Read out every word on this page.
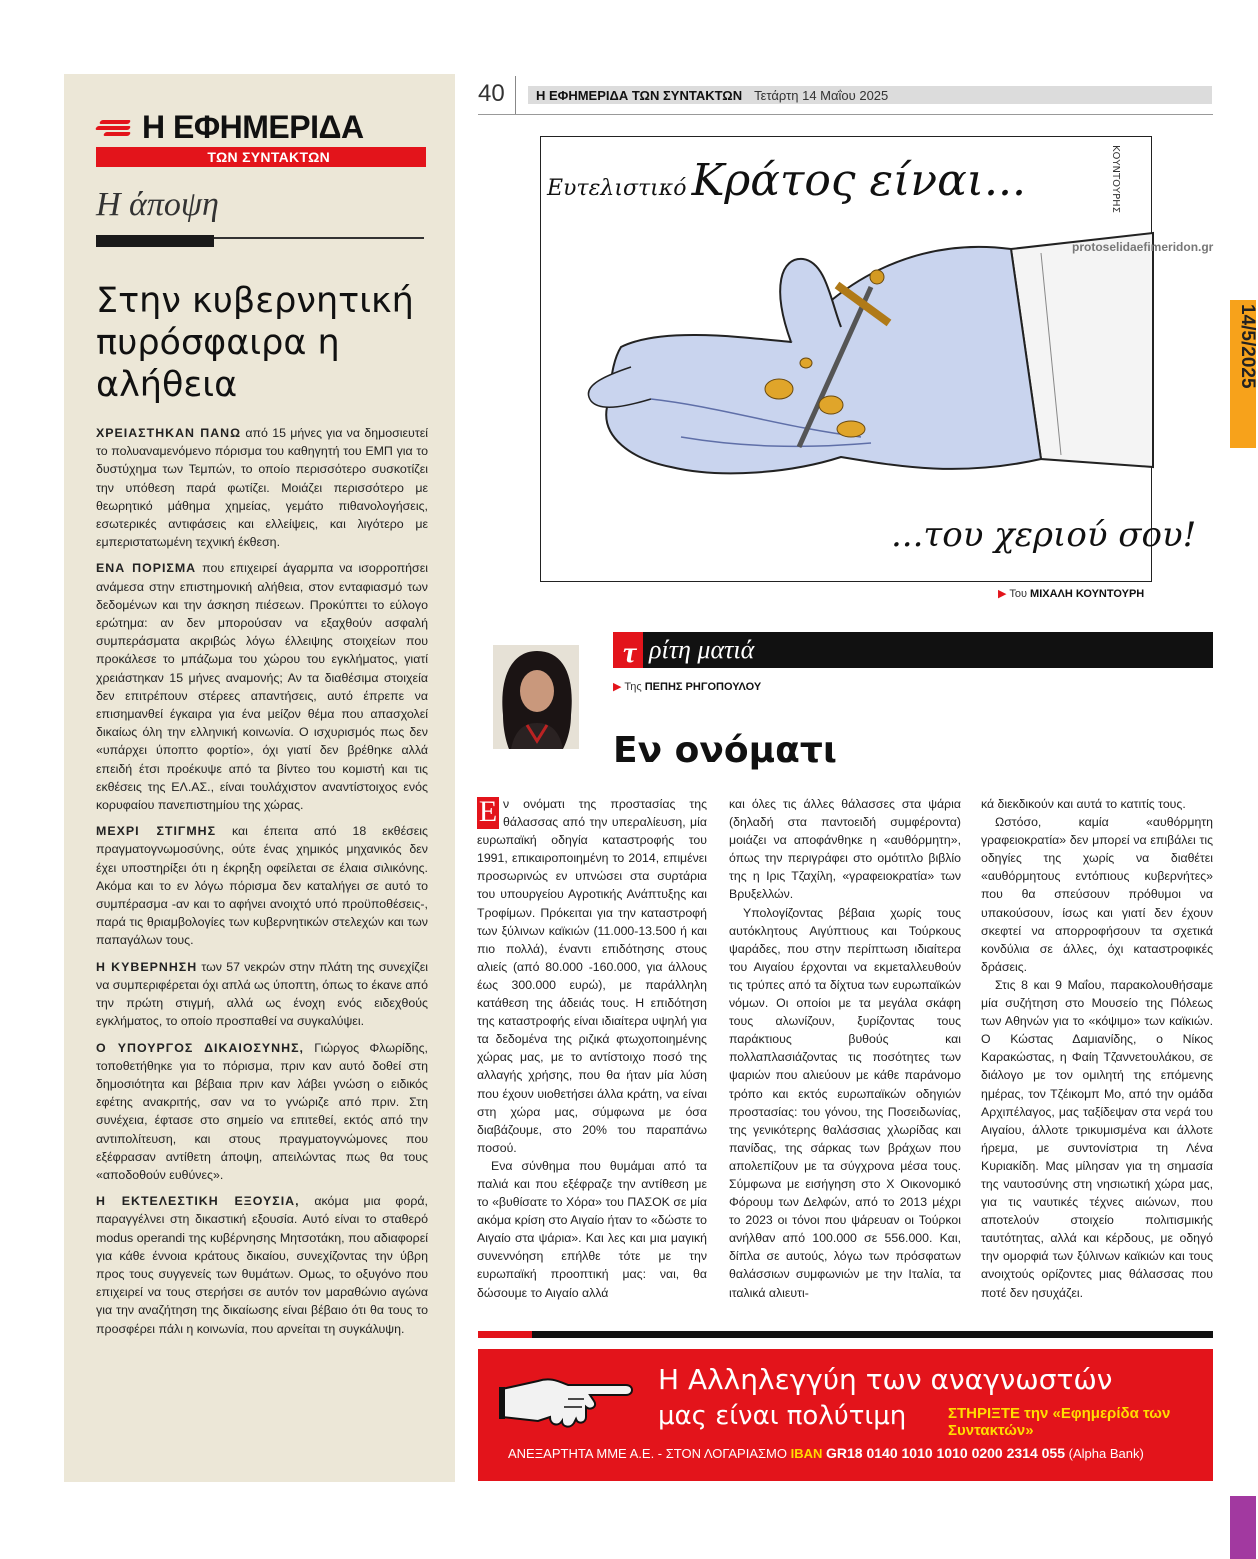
Η ΕΦΗΜΕΡΙΔΑ
ΤΩΝ ΣΥΝΤΑΚΤΩΝ
Η άποψη
Στην κυβερνητική πυρόσφαιρα η αλήθεια

ΧΡΕΙΑΣΤΗΚΑΝ ΠΑΝΩ από 15 μήνες για να δημοσιευτεί το πολυαναμενόμενο πόρισμα του καθηγητή του ΕΜΠ για το δυστύχημα των Τεμπών, το οποίο περισσότερο συσκοτίζει την υπόθεση παρά φωτίζει. Μοιάζει περισσότερο με θεωρητικό μάθημα χημείας, γεμάτο πιθανολογήσεις, εσωτερικές αντιφάσεις και ελλείψεις, και λιγότερο με εμπεριστατωμένη τεχνική έκθεση.

ΕΝΑ ΠΟΡΙΣΜΑ που επιχειρεί άγαρμπα να ισορροπήσει ανάμεσα στην επιστημονική αλήθεια, στον ενταφιασμό των δεδομένων και την άσκηση πιέσεων. Προκύπτει το εύλογο ερώτημα: αν δεν μπορούσαν να εξαχθούν ασφαλή συμπεράσματα ακριβώς λόγω έλλειψης στοιχείων που προκάλεσε το μπάζωμα του χώρου του εγκλήματος, γιατί χρειάστηκαν 15 μήνες αναμονής; Αν τα διαθέσιμα στοιχεία δεν επιτρέπουν στέρεες απαντήσεις, αυτό έπρεπε να επισημανθεί έγκαιρα για ένα μείζον θέμα που απασχολεί δικαίως όλη την ελληνική κοινωνία. Ο ισχυρισμός πως δεν «υπάρχει ύποπτο φορτίο», όχι γιατί δεν βρέθηκε αλλά επειδή έτσι προέκυψε από τα βίντεο του κομιστή και τις εκθέσεις της ΕΛ.ΑΣ., είναι τουλάχιστον αναντίστοιχος ενός κορυφαίου πανεπιστημίου της χώρας.

ΜΕΧΡΙ ΣΤΙΓΜΗΣ και έπειτα από 18 εκθέσεις πραγματογνωμοσύνης, ούτε ένας χημικός μηχανικός δεν έχει υποστηρίξει ότι η έκρηξη οφείλεται σε έλαια σιλικόνης. Ακόμα και το εν λόγω πόρισμα δεν καταλήγει σε αυτό το συμπέρασμα -αν και το αφήνει ανοιχτό υπό προϋποθέσεις-, παρά τις θριαμβολογίες των κυβερνητικών στελεχών και των παπαγάλων τους.

Η ΚΥΒΕΡΝΗΣΗ των 57 νεκρών στην πλάτη της συνεχίζει να συμπεριφέρεται όχι απλά ως ύποπτη, όπως το έκανε από την πρώτη στιγμή, αλλά ως ένοχη ενός ειδεχθούς εγκλήματος, το οποίο προσπαθεί να συγκαλύψει.

Ο ΥΠΟΥΡΓΟΣ ΔΙΚΑΙΟΣΥΝΗΣ, Γιώργος Φλωρίδης, τοποθετήθηκε για το πόρισμα, πριν καν αυτό δοθεί στη δημοσιότητα και βέβαια πριν καν λάβει γνώση ο ειδικός εφέτης ανακριτής, σαν να το γνώριζε από πριν. Στη συνέχεια, έφτασε στο σημείο να επιτεθεί, εκτός από την αντιπολίτευση, και στους πραγματογνώμονες που εξέφρασαν αντίθετη άποψη, απειλώντας πως θα τους «αποδοθούν ευθύνες».

Η ΕΚΤΕΛΕΣΤΙΚΗ ΕΞΟΥΣΙΑ, ακόμα μια φορά, παραγγέλνει στη δικαστική εξουσία. Αυτό είναι το σταθερό modus operandi της κυβέρνησης Μητσοτάκη, που αδιαφορεί για κάθε έννοια κράτους δικαίου, συνεχίζοντας την ύβρη προς τους συγγενείς των θυμάτων. Ομως, το οξυγόνο που επιχειρεί να τους στερήσει σε αυτόν τον μαραθώνιο αγώνα για την αναζήτηση της δικαίωσης είναι βέβαιο ότι θα τους το προσφέρει πάλι η κοινωνία, που αρνείται τη συγκάλυψη.

40 Η ΕΦΗΜΕΡΙΔΑ ΤΩΝ ΣΥΝΤΑΚΤΩΝ Τετάρτη 14 Μαΐου 2025
Ευτελιστικό Κράτος είναι...	ΚΟΥΝΤΟΥΡΗΣ
...του χεριού σου!
protoselidaefimeridon.gr
▶ Του ΜΙΧΑΛΗ ΚΟΥΝΤΟΥΡΗ
14/5/2025
τ ρίτη ματιά
▶ Της ΠΕΠΗΣ ΡΗΓΟΠΟΥΛΟΥ
Εν ονόματι

Ε ν ονόματι της προστασίας της θάλασσας από την υπεραλίευση, μία ευρωπαϊκή οδηγία καταστροφής του 1991, επικαιροποιημένη το 2014, επιμένει προσωρινώς εν υπνώσει στα συρτάρια του υπουργείου Αγροτικής Ανάπτυξης και Τροφίμων. Πρόκειται για την καταστροφή των ξύλινων καϊκιών (11.000-13.500 ή και πιο πολλά), έναντι επιδότησης στους αλιείς (από 80.000 -160.000, για άλλους έως 300.000 ευρώ), με παράλληλη κατάθεση της άδειάς τους. Η επιδότηση της καταστροφής είναι ιδιαίτερα υψηλή για τα δεδομένα της ριζικά φτωχοποιημένης χώρας μας, με το αντίστοιχο ποσό της αλλαγής χρήσης, που θα ήταν μία λύση που έχουν υιοθετήσει άλλα κράτη, να είναι στη χώρα μας, σύμφωνα με όσα διαβάζουμε, στο 20% του παραπάνω ποσού.

Ενα σύνθημα που θυμάμαι από τα παλιά και που εξέφραζε την αντίθεση με το «βυθίσατε το Χόρα» του ΠΑΣΟΚ σε μία ακόμα κρίση στο Αιγαίο ήταν το «δώστε το Αιγαίο στα ψάρια». Και λες και μια μαγική συνεννόηση επήλθε τότε με την ευρωπαϊκή προοπτική μας: ναι, θα δώσουμε το Αιγαίο αλλά

και όλες τις άλλες θάλασσες στα ψάρια (δηλαδή στα παντοειδή συμφέροντα) μοιάζει να αποφάνθηκε η «αυθόρμητη», όπως την περιγράφει στο ομότιτλο βιβλίο της η Ιρις Τζαχίλη, «γραφειοκρατία» των Βρυξελλών.

Υπολογίζοντας βέβαια χωρίς τους αυτόκλητους Αιγύπτιους και Τούρκους ψαράδες, που στην περίπτωση ιδιαίτερα του Αιγαίου έρχονται να εκμεταλλευθούν τις τρύπες από τα δίχτυα των ευρωπαϊκών νόμων. Οι οποίοι με τα μεγάλα σκάφη τους αλωνίζουν, ξυρίζοντας τους παράκτιους βυθούς και πολλαπλασιάζοντας τις ποσότητες των ψαριών που αλιεύουν με κάθε παράνομο τρόπο και εκτός ευρωπαϊκών οδηγιών προστασίας: του γόνου, της Ποσειδωνίας, της γενικότερης θαλάσσιας χλωρίδας και πανίδας, της σάρκας των βράχων που απολεπίζουν με τα σύγχρονα μέσα τους. Σύμφωνα με εισήγηση στο Χ Οικονομικό Φόρουμ των Δελφών, από το 2013 μέχρι το 2023 οι τόνοι που ψάρευαν οι Τούρκοι ανήλθαν από 100.000 σε 556.000. Και, δίπλα σε αυτούς, λόγω των πρόσφατων θαλάσσιων συμφωνιών με την Ιταλία, τα ιταλικά αλιευτι-

κά διεκδικούν και αυτά το κατιτίς τους.

Ωστόσο, καμία «αυθόρμητη γραφειοκρατία» δεν μπορεί να επιβάλει τις οδηγίες της χωρίς να διαθέτει «αυθόρμητους εντόπιους κυβερνήτες» που θα σπεύσουν πρόθυμοι να υπακούσουν, ίσως και γιατί δεν έχουν σκεφτεί να απορροφήσουν τα σχετικά κονδύλια σε άλλες, όχι καταστροφικές δράσεις.

Στις 8 και 9 Μαΐου, παρακολουθήσαμε μία συζήτηση στο Μουσείο της Πόλεως των Αθηνών για το «κόψιμο» των καϊκιών. Ο Κώστας Δαμιανίδης, ο Νίκος Καρακώστας, η Φαίη Τζαννετουλάκου, σε διάλογο με τον ομιλητή της επόμενης ημέρας, τον Τζέικομπ Μο, από την ομάδα Αρχιπέλαγος, μας ταξίδεψαν στα νερά του Αιγαίου, άλλοτε τρικυμισμένα και άλλοτε ήρεμα, με συντονίστρια τη Λένα Κυριακίδη. Μας μίλησαν για τη σημασία της ναυτοσύνης στη νησιωτική χώρα μας, για τις ναυτικές τέχνες αιώνων, που αποτελούν στοιχείο πολιτισμικής ταυτότητας, αλλά και κέρδους, με οδηγό την ομορφιά των ξύλινων καϊκιών και τους ανοιχτούς ορίζοντες μιας θάλασσας που ποτέ δεν ησυχάζει.

Η Αλληλεγγύη των αναγνωστών
μας είναι πολύτιμη	ΣΤΗΡΙΞΤΕ την «Εφημερίδα των Συντακτών»
ΑΝΕΞΑΡΤΗΤΑ ΜΜΕ Α.Ε. - ΣΤΟΝ ΛΟΓΑΡΙΑΣΜΟ IBAN GR18 0140 1010 1010 0200 2314 055 (Alpha Bank)
